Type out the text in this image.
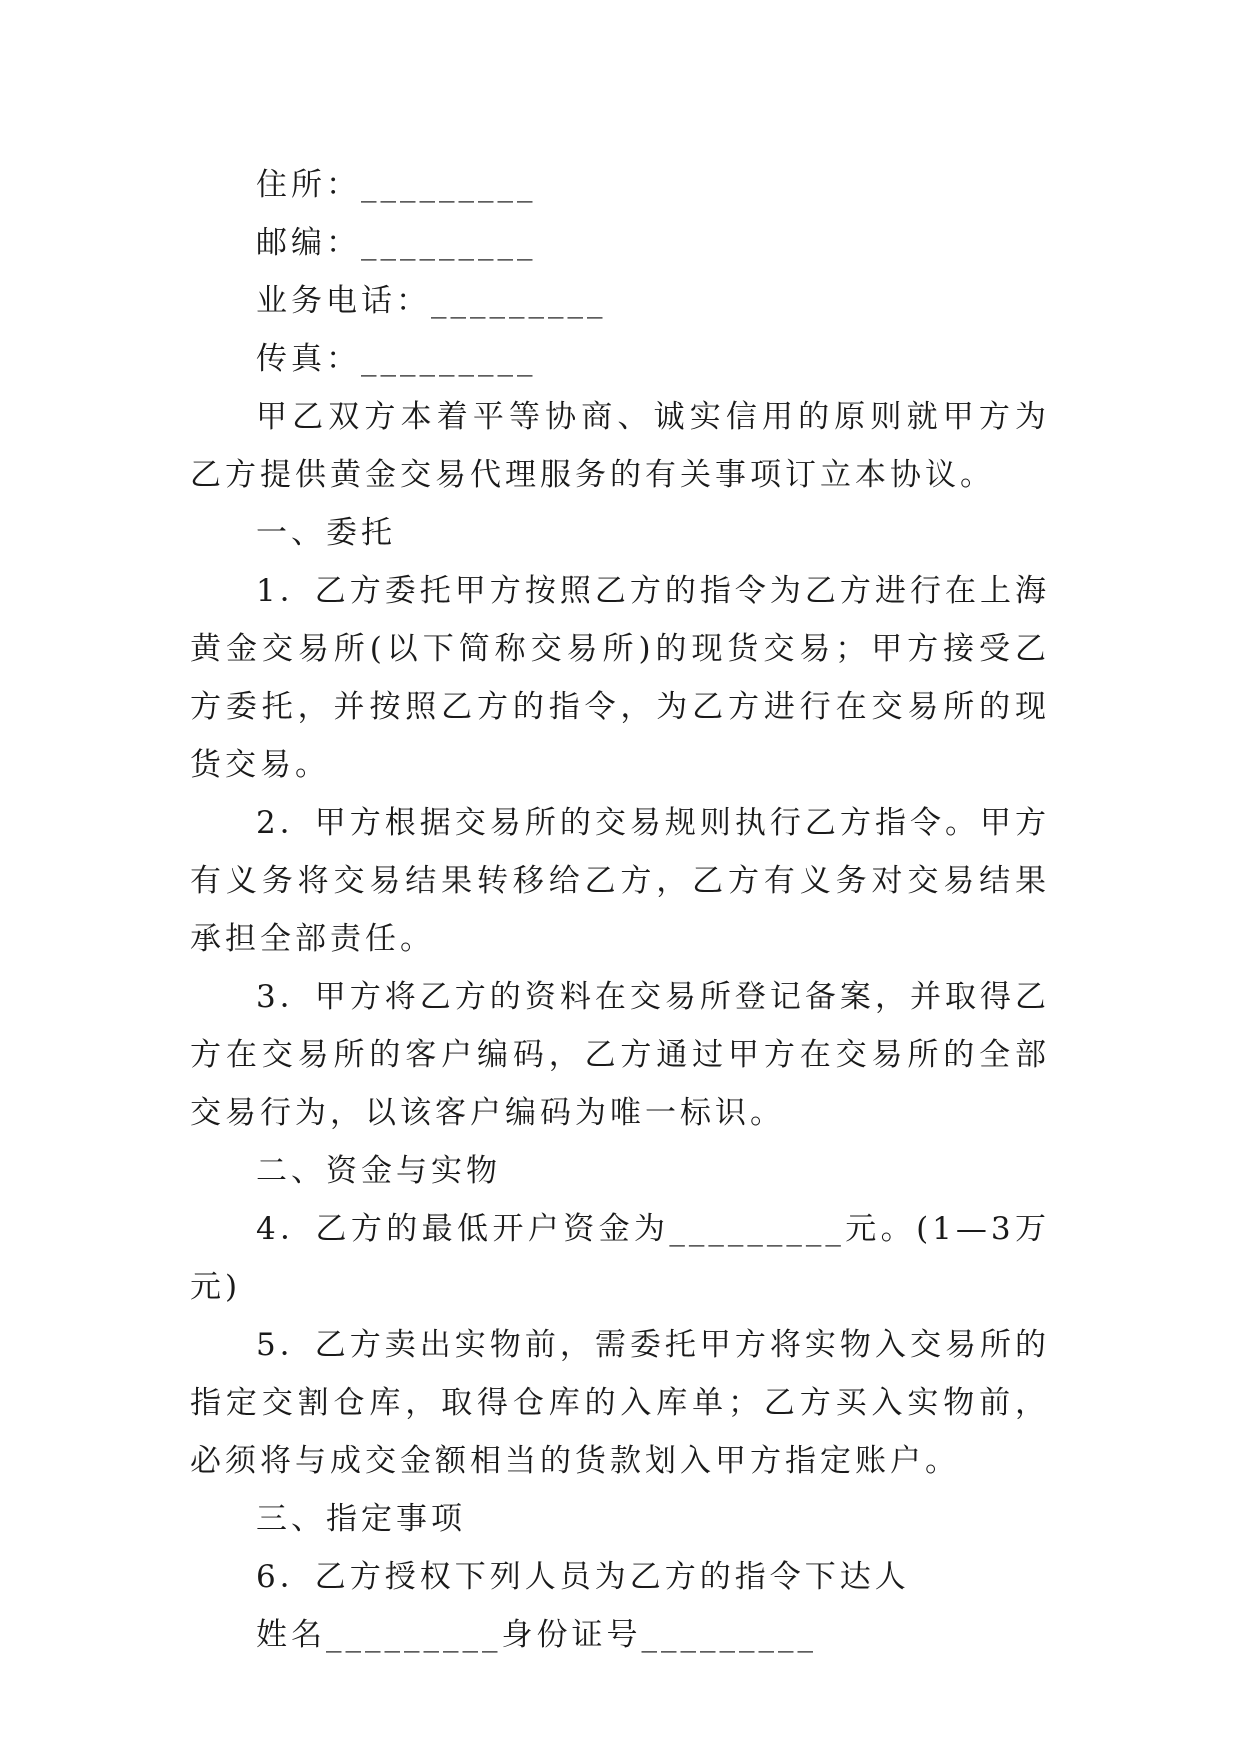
住所：_________

邮编：_________

业务电话：_________

传真：_________

甲乙双方本着平等协商、诚实信用的原则就甲方为乙方提供黄金交易代理服务的有关事项订立本协议。

一、委托

1．乙方委托甲方按照乙方的指令为乙方进行在上海黄金交易所(以下简称交易所)的现货交易；甲方接受乙方委托，并按照乙方的指令，为乙方进行在交易所的现货交易。

2．甲方根据交易所的交易规则执行乙方指令。甲方有义务将交易结果转移给乙方，乙方有义务对交易结果承担全部责任。

3．甲方将乙方的资料在交易所登记备案，并取得乙方在交易所的客户编码，乙方通过甲方在交易所的全部交易行为，以该客户编码为唯一标识。

二、资金与实物

4．乙方的最低开户资金为_________元。(1—3万元)

5．乙方卖出实物前，需委托甲方将实物入交易所的指定交割仓库，取得仓库的入库单；乙方买入实物前，必须将与成交金额相当的货款划入甲方指定账户。

三、指定事项

6．乙方授权下列人员为乙方的指令下达人

姓名_________身份证号_________
